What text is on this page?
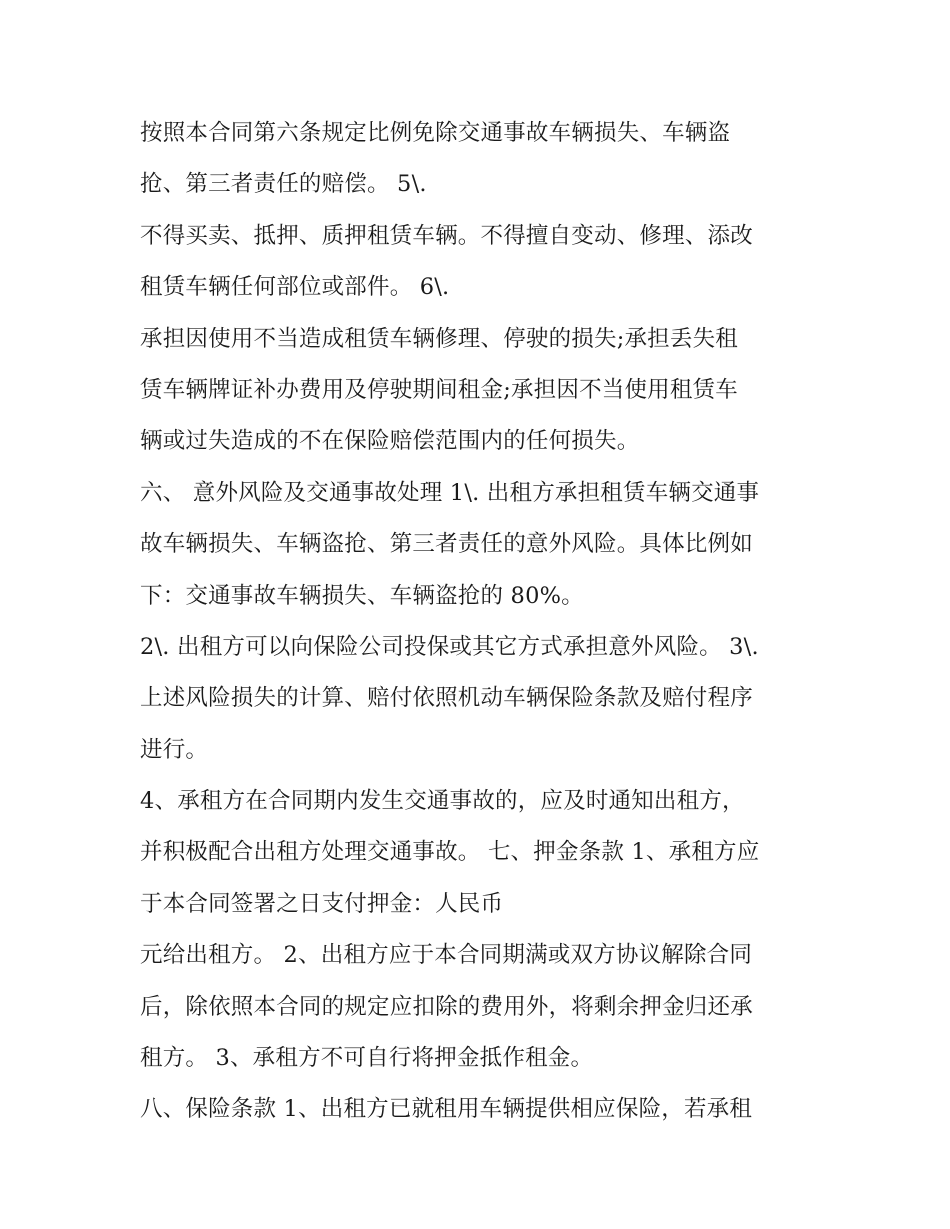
按照本合同第六条规定比例免除交通事故车辆损失、车辆盗
抢、第三者责任的赔偿。 5\.
不得买卖、抵押、质押租赁车辆。不得擅自变动、修理、添改
租赁车辆任何部位或部件。 6\.
承担因使用不当造成租赁车辆修理、停驶的损失;承担丢失租
赁车辆牌证补办费用及停驶期间租金;承担因不当使用租赁车
辆或过失造成的不在保险赔偿范围内的任何损失。
六、 意外风险及交通事故处理 1\. 出租方承担租赁车辆交通事
故车辆损失、车辆盗抢、第三者责任的意外风险。具体比例如
下：交通事故车辆损失、车辆盗抢的 80%。
2\. 出租方可以向保险公司投保或其它方式承担意外风险。 3\.
上述风险损失的计算、赔付依照机动车辆保险条款及赔付程序
进行。
4、承租方在合同期内发生交通事故的，应及时通知出租方，
并积极配合出租方处理交通事故。 七、押金条款 1、承租方应
于本合同签署之日支付押金：人民币
元给出租方。 2、出租方应于本合同期满或双方协议解除合同
后，除依照本合同的规定应扣除的费用外，将剩余押金归还承
租方。 3、承租方不可自行将押金抵作租金。
八、保险条款 1、出租方已就租用车辆提供相应保险，若承租
